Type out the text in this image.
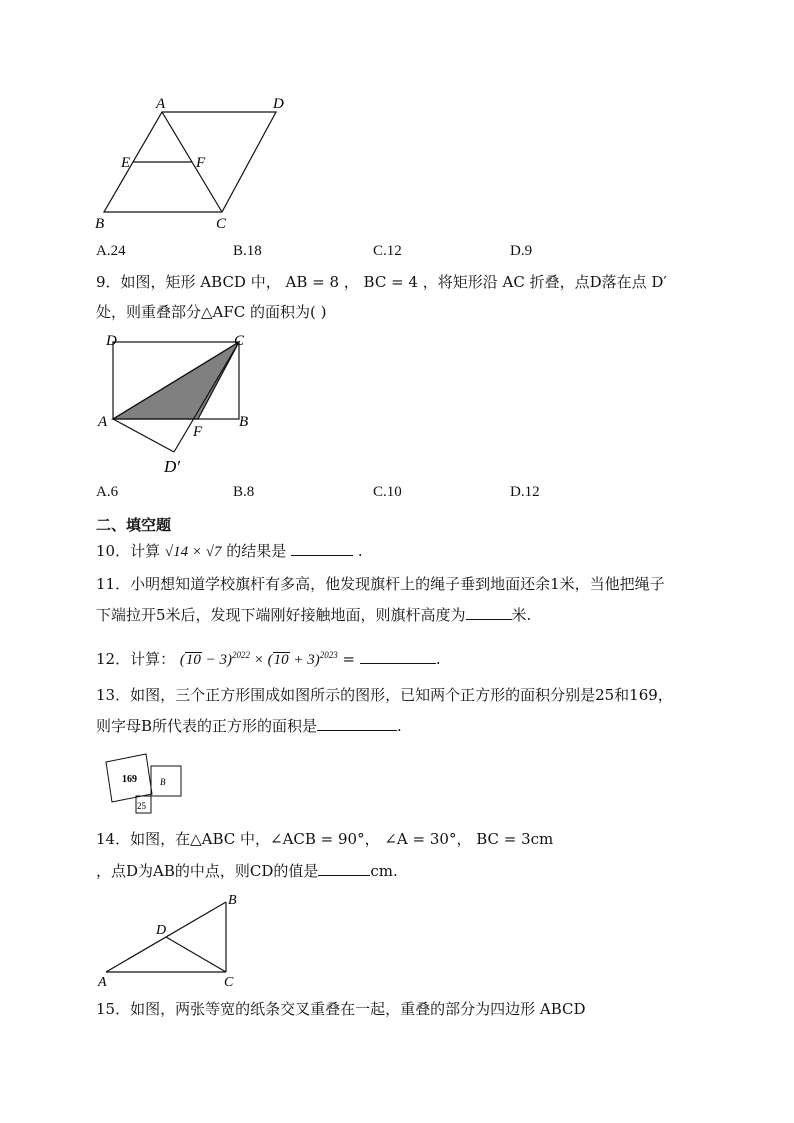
A	D
E	F
B	C
A.24	B.18	C.12	D.9
9．如图，矩形 ABCD 中， AB = 8 ， BC = 4 ，将矩形沿 AC 折叠，点D落在点 D′
处，则重叠部分△AFC 的面积为( )
D	C
A	B
F
D′
A.6	B.8	C.10	D.12
二、填空题
10．计算 √14 × √7 的结果是	.
11．小明想知道学校旗杆有多高，他发现旗杆上的绳子垂到地面还余1米，当他把绳子
下端拉开5米后，发现下端刚好接触地面，则旗杆高度为	米.
12．计算： $(10 - 3)^{2022} \times (10 + 3)^{2023}$ =	.
13．如图，三个正方形围成如图所示的图形，已知两个正方形的面积分别是25和169，
则字母B所代表的正方形的面积是	.
169	B
25
14．如图，在△ABC 中，∠ACB = 90°， ∠A = 30°， BC = 3cm
，点D为AB的中点，则CD的值是	cm.
B
D
A	C
15．如图，两张等宽的纸条交叉重叠在一起，重叠的部分为四边形 ABCD
